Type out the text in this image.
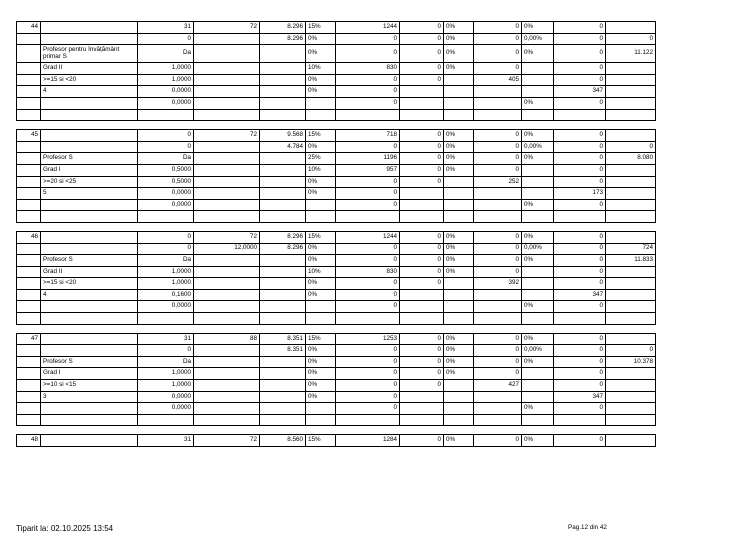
44		31	72	8.296	15%	1244	0	0%	0	0%	0	
		0		8.296	0%	0	0	0%	0	0,00%	0	0
	Profesor pentru învățământ primar S	Da			0%	0	0	0%	0	0%	0	11.122
	Grad II	1,0000			10%	830	0	0%	0		0	
	>=15 si <20	1,0000			0%	0	0		405		0	
	4	0,0000			0%	0					347	
		0,0000				0				0%	0	

45		0	72	9.568	15%	718	0	0%	0	0%	0	
		0		4.784	0%	0	0	0%	0	0,00%	0	0
	Profesor S	Da			25%	1196	0	0%	0	0%	0	8.080
	Grad I	0,5000			10%	957	0	0%	0		0	
	>=20 si <25	0,5000			0%	0	0		252		0	
	5	0,0000			0%	0					173	
		0,0000				0				0%	0	

46		0	72	8.296	15%	1244	0	0%	0	0%	0	
		0	12,0000	8.296	0%	0	0	0%	0	0,00%	0	724
	Profesor S	Da			0%	0	0	0%	0	0%	0	11.833
	Grad II	1,0000			10%	830	0	0%	0		0	
	>=15 si <20	1,0000			0%	0	0		392		0	
	4	0,1600			0%	0					347	
		0,0000				0				0%	0	

47		31	88	8.351	15%	1253	0	0%	0	0%	0	
		0		8.351	0%	0	0	0%	0	0,00%	0	0
	Profesor S	Da			0%	0	0	0%	0	0%	0	10.378
	Grad I	1,0000			0%	0	0	0%	0		0	
	>=10 si <15	1,0000			0%	0	0		427		0	
	3	0,0000			0%	0					347	
		0,0000				0				0%	0	

48		31	72	8.560	15%	1284	0	0%	0	0%	0	
Tiparit la: 02.10.2025 13:54	Pag.12 din 42
